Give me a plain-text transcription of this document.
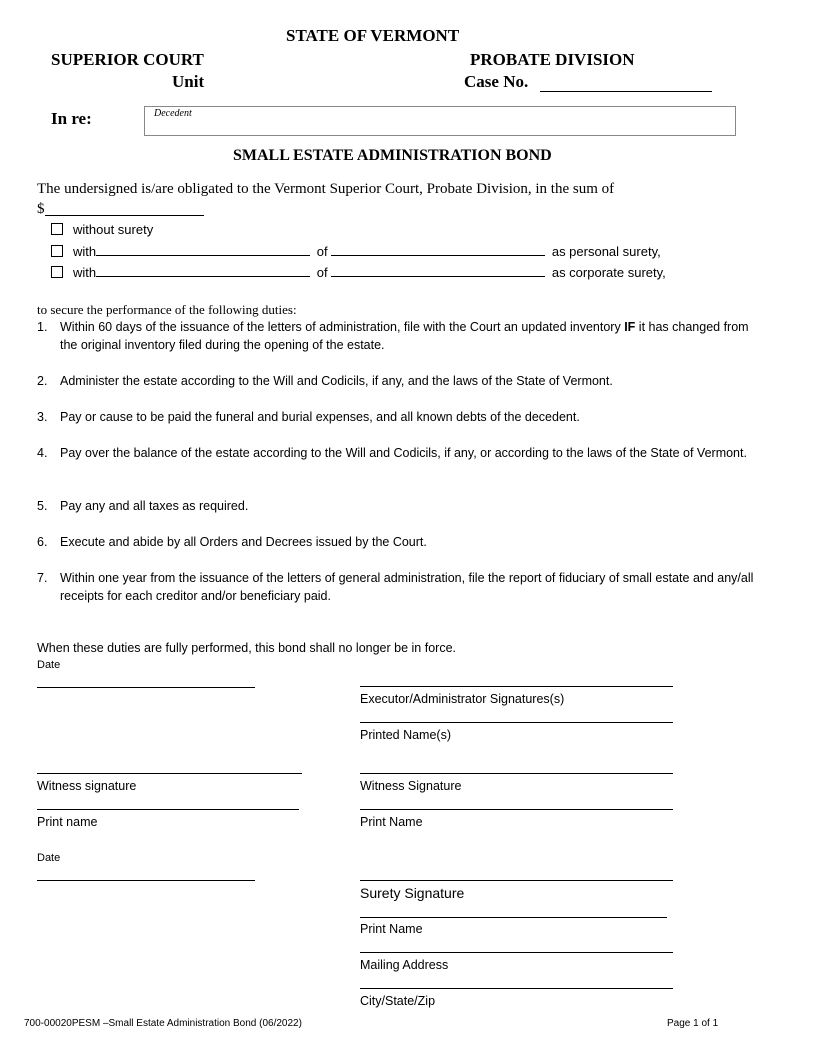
STATE OF VERMONT
SUPERIOR COURT	PROBATE DIVISION
Unit	Case No.
In re:	Decedent
SMALL ESTATE ADMINISTRATION BOND
The undersigned is/are obligated to the Vermont Superior Court, Probate Division, in the sum of
$
without surety
with	of	as personal surety,
with	of	as corporate surety,
to secure the performance of the following duties:
1. Within 60 days of the issuance of the letters of administration, file with the Court an updated inventory IF it has changed from the original inventory filed during the opening of the estate.
2. Administer the estate according to the Will and Codicils, if any, and the laws of the State of Vermont.
3. Pay or cause to be paid the funeral and burial expenses, and all known debts of the decedent.
4. Pay over the balance of the estate according to the Will and Codicils, if any, or according to the laws of the State of Vermont.
5. Pay any and all taxes as required.
6. Execute and abide by all Orders and Decrees issued by the Court.
7. Within one year from the issuance of the letters of general administration, file the report of fiduciary of small estate and any/all receipts for each creditor and/or beneficiary paid.
When these duties are fully performed, this bond shall no longer be in force.
Date
Executor/Administrator Signatures(s)
Printed Name(s)
Witness signature	Witness Signature
Print name	Print Name
Date
Surety Signature
Print Name
Mailing Address
City/State/Zip
700-00020PESM –Small Estate Administration Bond (06/2022)	Page 1 of 1
